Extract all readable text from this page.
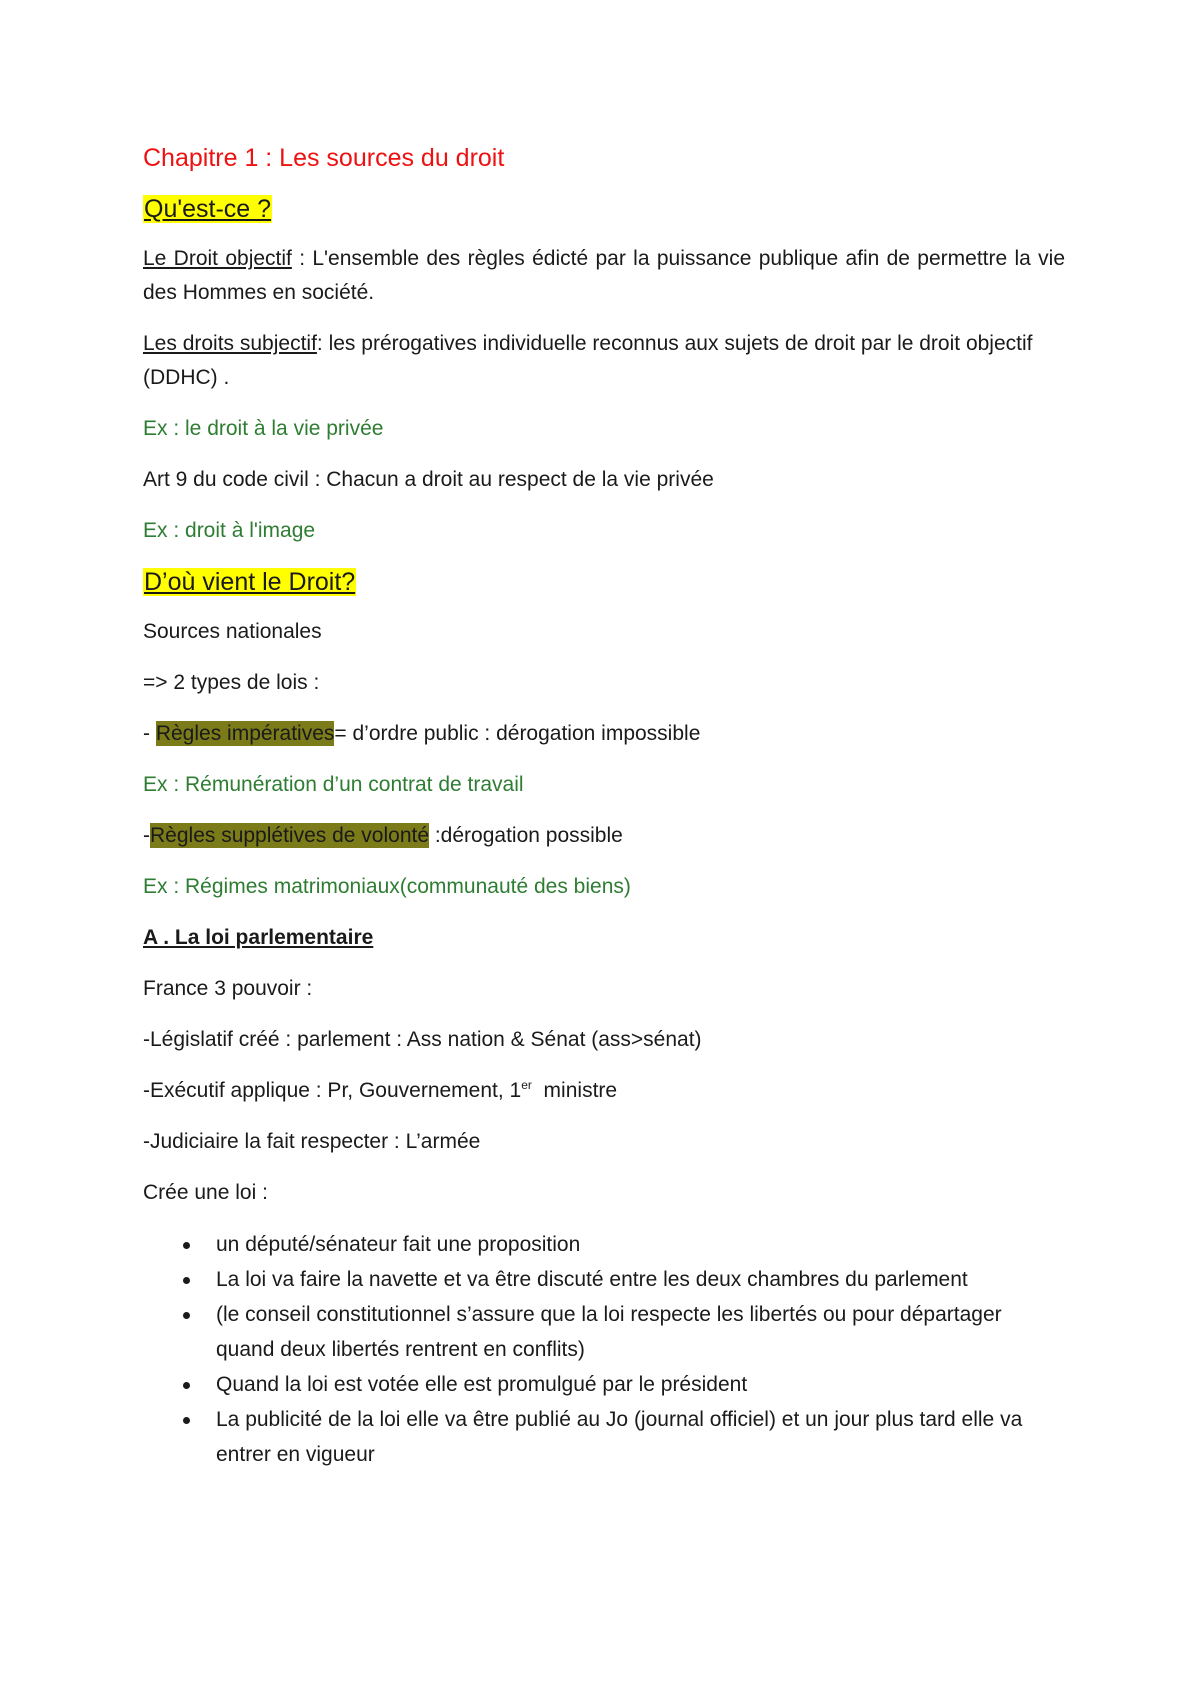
Chapitre 1 : Les sources du droit

Qu'est-ce ?

Le Droit objectif : L'ensemble des règles édicté par la puissance publique afin de permettre la vie des Hommes en société.

Les droits subjectif: les prérogatives individuelle reconnus aux sujets de droit par le droit objectif (DDHC) .

Ex : le droit à la vie privée

Art 9 du code civil : Chacun a droit au respect de la vie privée

Ex : droit à l'image

D’où vient le Droit?

Sources nationales

=> 2 types de lois :

- Règles impératives= d’ordre public : dérogation impossible

Ex : Rémunération d’un contrat de travail

-Règles supplétives de volonté :dérogation possible

Ex : Régimes matrimoniaux(communauté des biens)

A . La loi parlementaire

France 3 pouvoir :

-Législatif créé : parlement : Ass nation & Sénat (ass>sénat)

-Exécutif applique : Pr, Gouvernement, 1er  ministre

-Judiciaire la fait respecter : L’armée

Crée une loi :

un député/sénateur fait une proposition
La loi va faire la navette et va être discuté entre les deux chambres du parlement
(le conseil constitutionnel s’assure que la loi respecte les libertés ou pour départager quand deux libertés rentrent en conflits)
Quand la loi est votée elle est promulgué par le président
La publicité de la loi elle va être publié au Jo (journal officiel) et un jour plus tard elle va entrer en vigueur
